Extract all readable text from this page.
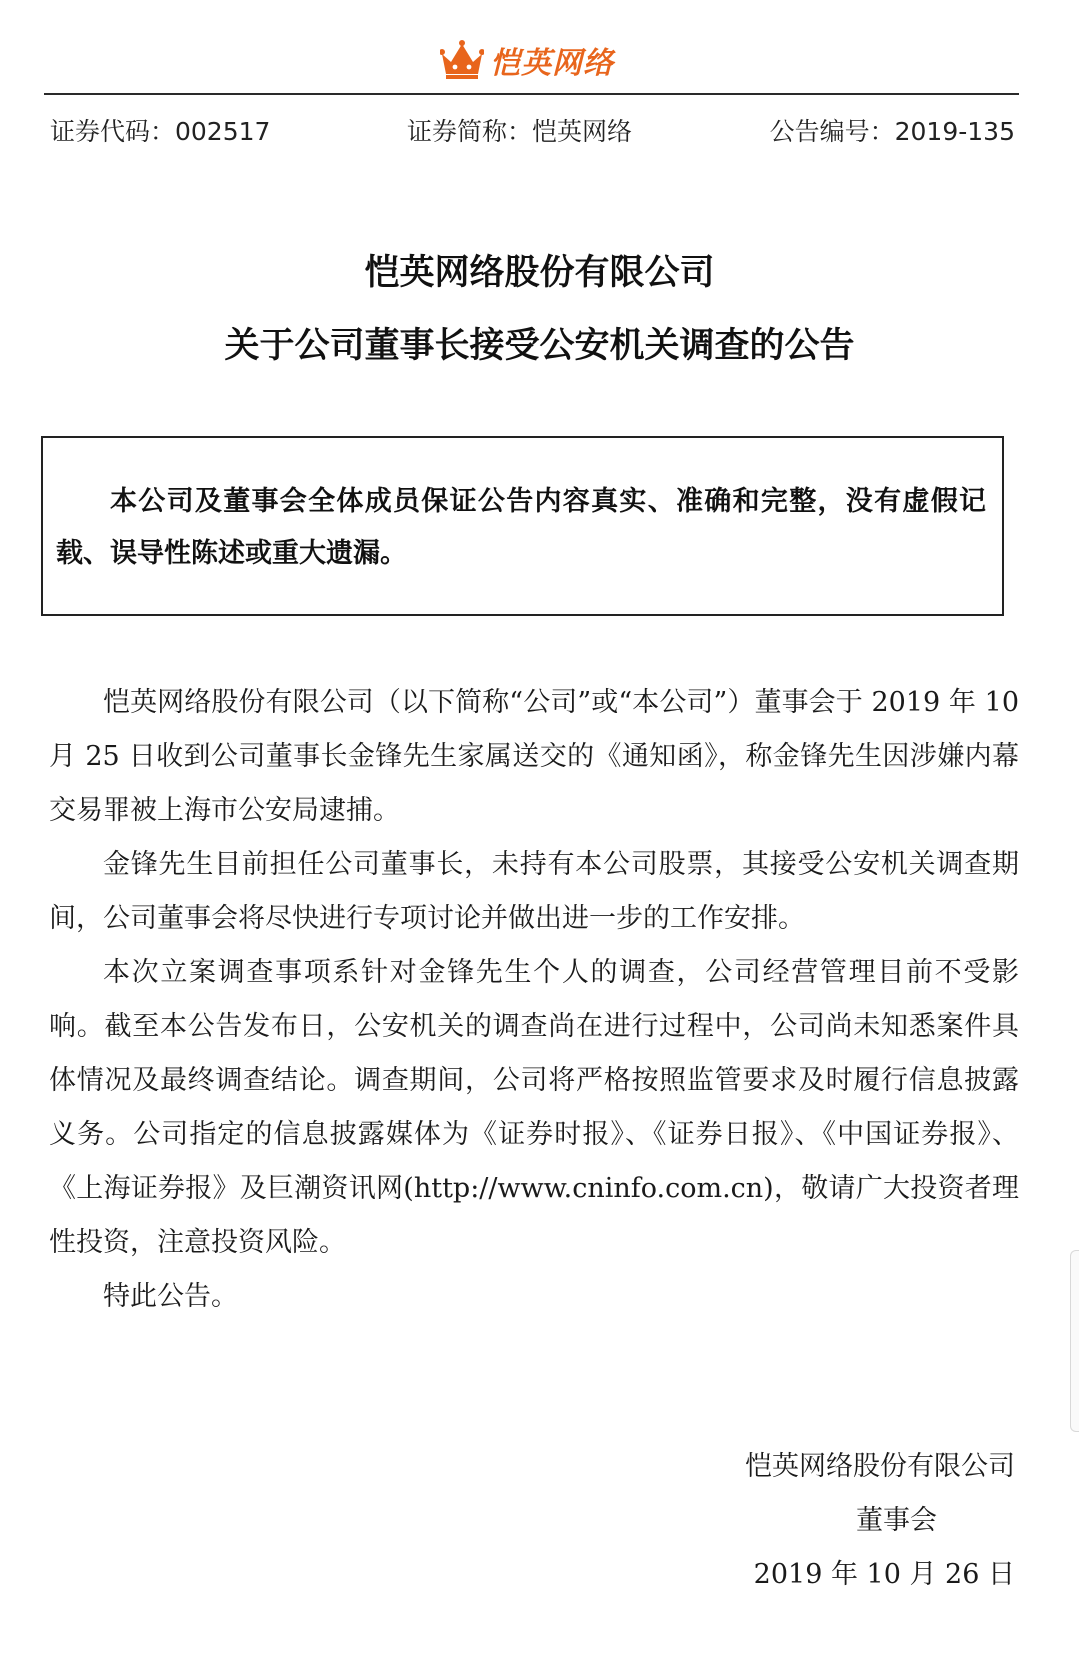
恺英网络
证券代码：002517	证券简称：恺英网络	公告编号：2019-135
恺英网络股份有限公司
关于公司董事长接受公安机关调查的公告
本公司及董事会全体成员保证公告内容真实、准确和完整，没有虚假记载、误导性陈述或重大遗漏。

恺英网络股份有限公司（以下简称“公司”或“本公司”）董事会于 2019 年 10 月 25 日收到公司董事长金锋先生家属送交的《通知函》，称金锋先生因涉嫌内幕交易罪被上海市公安局逮捕。

金锋先生目前担任公司董事长，未持有本公司股票，其接受公安机关调查期间，公司董事会将尽快进行专项讨论并做出进一步的工作安排。

本次立案调查事项系针对金锋先生个人的调查，公司经营管理目前不受影响。截至本公告发布日，公安机关的调查尚在进行过程中，公司尚未知悉案件具体情况及最终调查结论。调查期间，公司将严格按照监管要求及时履行信息披露义务。公司指定的信息披露媒体为《证券时报》、《证券日报》、《中国证券报》、《上海证券报》及巨潮资讯网(http://www.cninfo.com.cn)，敬请广大投资者理性投资，注意投资风险。

特此公告。

恺英网络股份有限公司
董事会
2019 年 10 月 26 日
